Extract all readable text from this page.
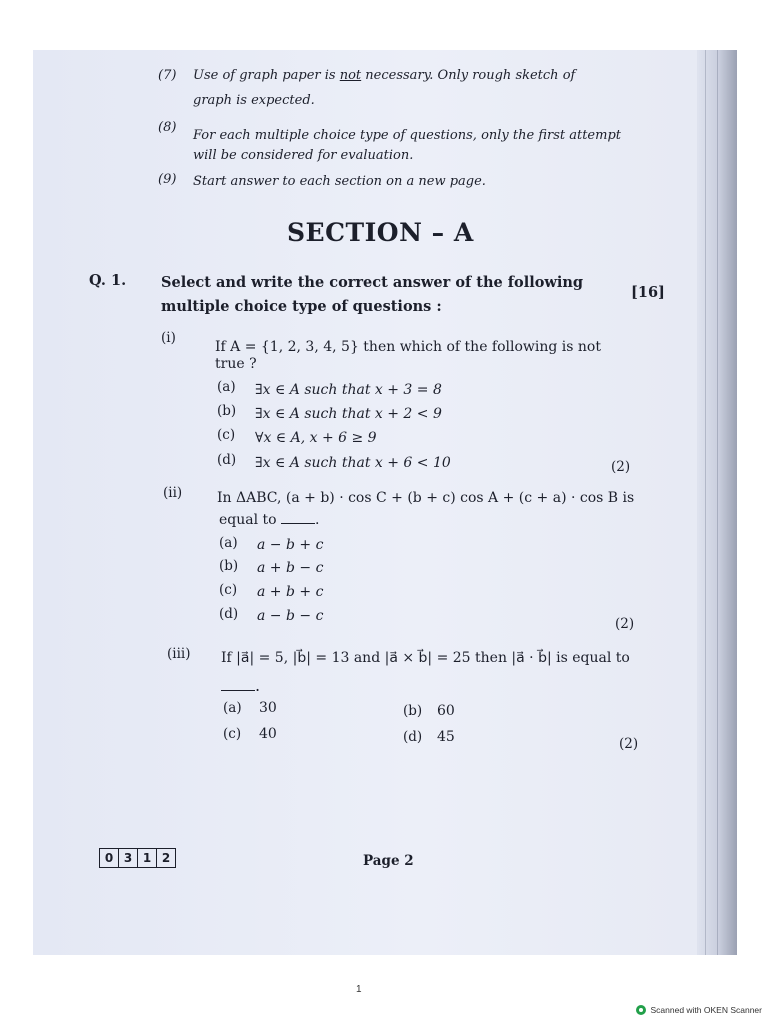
(7) Use of graph paper is not necessary. Only rough sketch of
graph is expected.
(8)
For each multiple choice type of questions, only the first attempt
will be considered for evaluation.
(9) Start answer to each section on a new page.
SECTION – A
Q. 1. Select and write the correct answer of the following
multiple choice type of questions :
[16]
(i)
If A = {1, 2, 3, 4, 5} then which of the following is not
true ?
(a) ∃x ∈ A such that x + 3 = 8
(b) ∃x ∈ A such that x + 2 < 9
(c) ∀x ∈ A, x + 6 ≥ 9
(d) ∃x ∈ A such that x + 6 < 10	(2)
(ii) In ΔABC, (a + b) · cos C + (b + c) cos A + (c + a) · cos B is
equal to	.
(a) a − b + c
(b) a + b − c
(c) a + b + c
(d) a − b − c	(2)
(iii) If |a⃗| = 5, |b⃗| = 13 and |a⃗ × b⃗| = 25 then |a⃗ · b⃗| is equal to
.
(a) 30	(b) 60
(c) 40	(d) 45	(2)
0 3 1 2	Page 2
1
Scanned with OKEN Scanner
